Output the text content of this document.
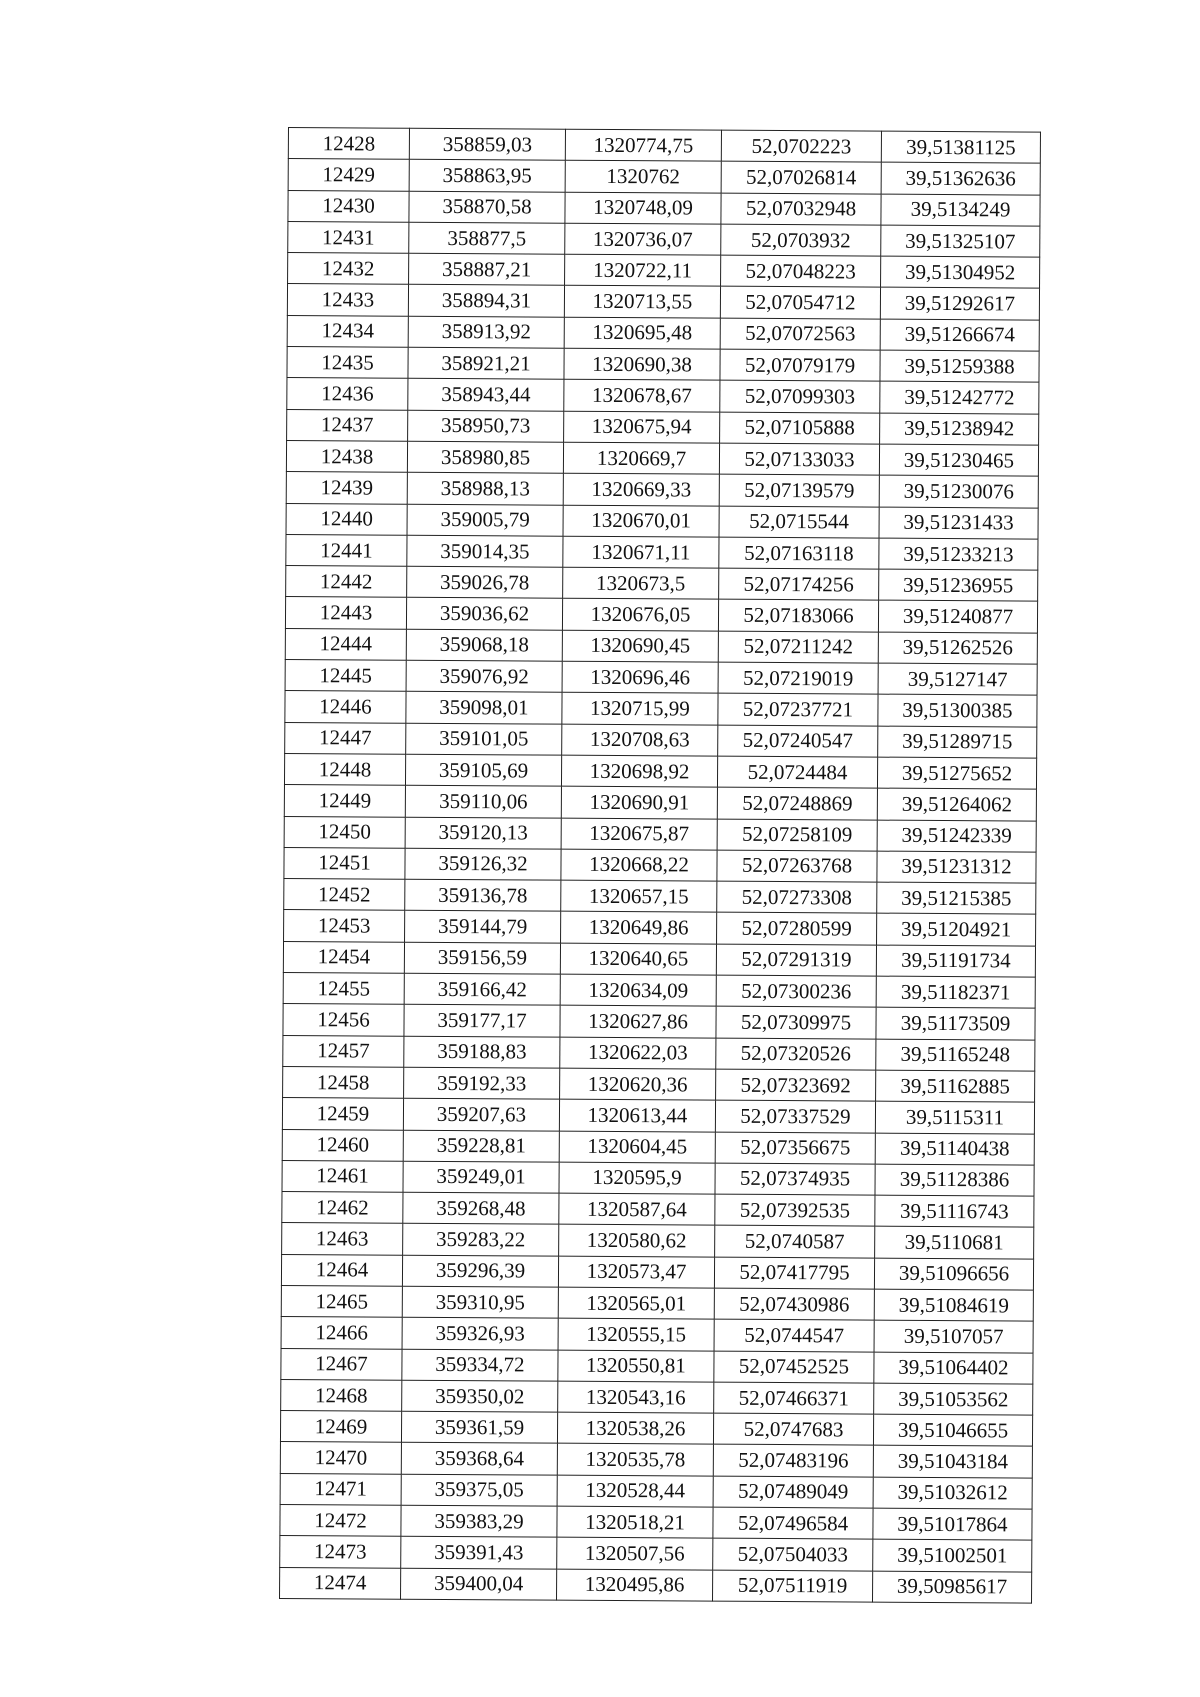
12428	358859,03	1320774,75	52,0702223	39,51381125
12429	358863,95	1320762	52,07026814	39,51362636
12430	358870,58	1320748,09	52,07032948	39,5134249
12431	358877,5	1320736,07	52,0703932	39,51325107
12432	358887,21	1320722,11	52,07048223	39,51304952
12433	358894,31	1320713,55	52,07054712	39,51292617
12434	358913,92	1320695,48	52,07072563	39,51266674
12435	358921,21	1320690,38	52,07079179	39,51259388
12436	358943,44	1320678,67	52,07099303	39,51242772
12437	358950,73	1320675,94	52,07105888	39,51238942
12438	358980,85	1320669,7	52,07133033	39,51230465
12439	358988,13	1320669,33	52,07139579	39,51230076
12440	359005,79	1320670,01	52,0715544	39,51231433
12441	359014,35	1320671,11	52,07163118	39,51233213
12442	359026,78	1320673,5	52,07174256	39,51236955
12443	359036,62	1320676,05	52,07183066	39,51240877
12444	359068,18	1320690,45	52,07211242	39,51262526
12445	359076,92	1320696,46	52,07219019	39,5127147
12446	359098,01	1320715,99	52,07237721	39,51300385
12447	359101,05	1320708,63	52,07240547	39,51289715
12448	359105,69	1320698,92	52,0724484	39,51275652
12449	359110,06	1320690,91	52,07248869	39,51264062
12450	359120,13	1320675,87	52,07258109	39,51242339
12451	359126,32	1320668,22	52,07263768	39,51231312
12452	359136,78	1320657,15	52,07273308	39,51215385
12453	359144,79	1320649,86	52,07280599	39,51204921
12454	359156,59	1320640,65	52,07291319	39,51191734
12455	359166,42	1320634,09	52,07300236	39,51182371
12456	359177,17	1320627,86	52,07309975	39,51173509
12457	359188,83	1320622,03	52,07320526	39,51165248
12458	359192,33	1320620,36	52,07323692	39,51162885
12459	359207,63	1320613,44	52,07337529	39,5115311
12460	359228,81	1320604,45	52,07356675	39,51140438
12461	359249,01	1320595,9	52,07374935	39,51128386
12462	359268,48	1320587,64	52,07392535	39,51116743
12463	359283,22	1320580,62	52,0740587	39,5110681
12464	359296,39	1320573,47	52,07417795	39,51096656
12465	359310,95	1320565,01	52,07430986	39,51084619
12466	359326,93	1320555,15	52,0744547	39,5107057
12467	359334,72	1320550,81	52,07452525	39,51064402
12468	359350,02	1320543,16	52,07466371	39,51053562
12469	359361,59	1320538,26	52,0747683	39,51046655
12470	359368,64	1320535,78	52,07483196	39,51043184
12471	359375,05	1320528,44	52,07489049	39,51032612
12472	359383,29	1320518,21	52,07496584	39,51017864
12473	359391,43	1320507,56	52,07504033	39,51002501
12474	359400,04	1320495,86	52,07511919	39,50985617
